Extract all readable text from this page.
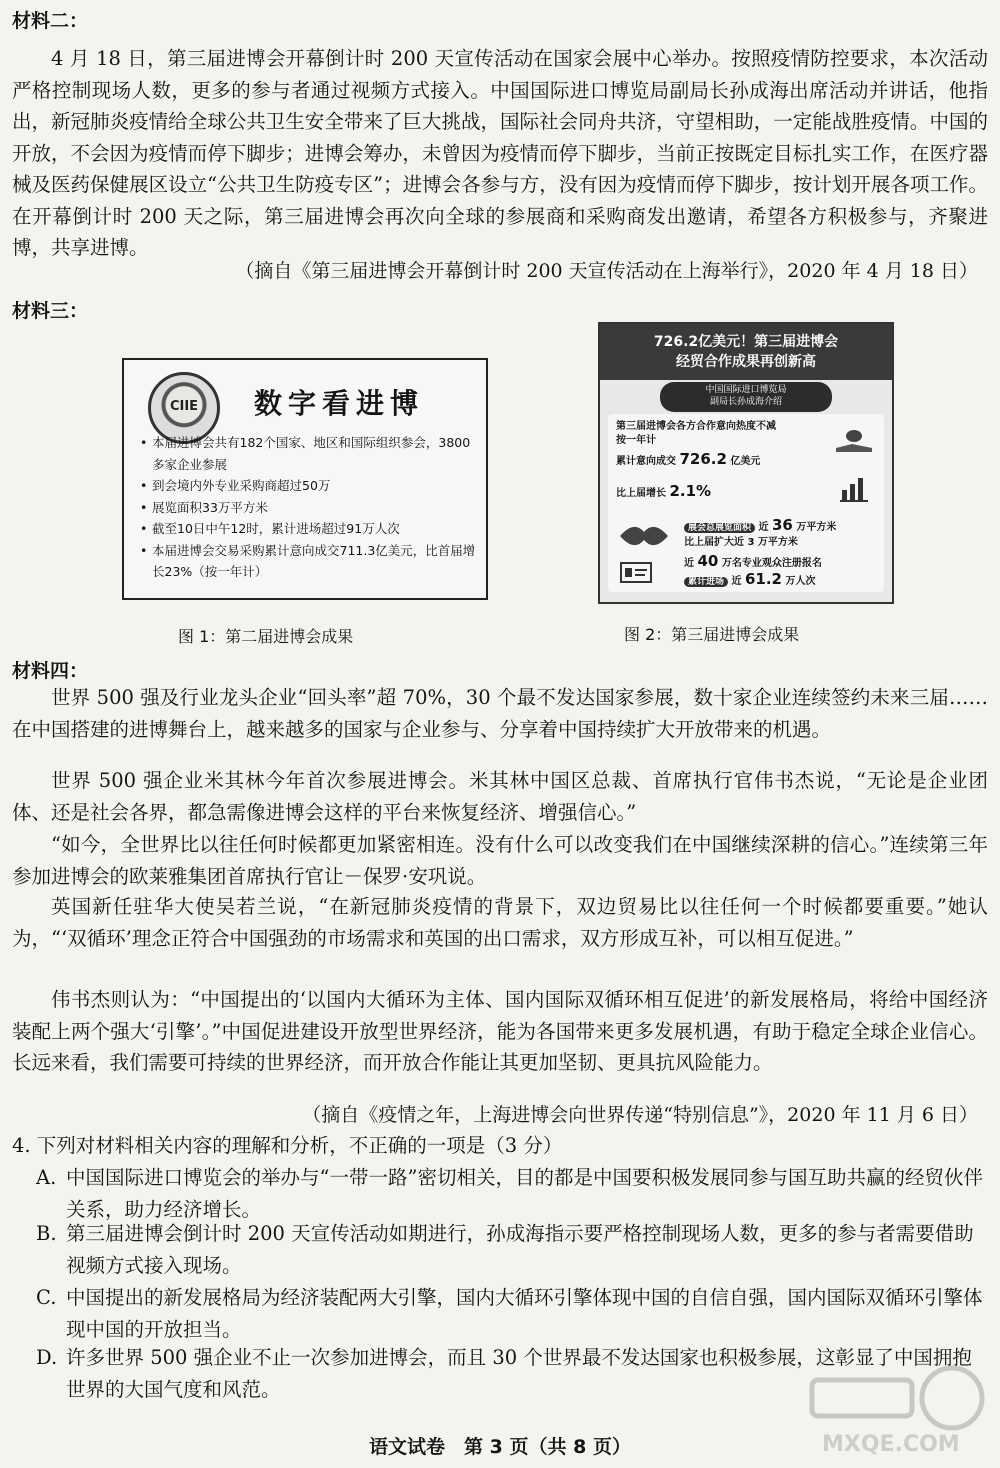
材料二：
4 月 18 日，第三届进博会开幕倒计时 200 天宣传活动在国家会展中心举办。按照疫情防控要求，本次活动严格控制现场人数，更多的参与者通过视频方式接入。中国国际进口博览局副局长孙成海出席活动并讲话，他指出，新冠肺炎疫情给全球公共卫生安全带来了巨大挑战，国际社会同舟共济，守望相助，一定能战胜疫情。中国的开放，不会因为疫情而停下脚步；进博会筹办，未曾因为疫情而停下脚步，当前正按既定目标扎实工作，在医疗器械及医药保健展区设立“公共卫生防疫专区”；进博会各参与方，没有因为疫情而停下脚步，按计划开展各项工作。在开幕倒计时 200 天之际，第三届进博会再次向全球的参展商和采购商发出邀请，希望各方积极参与，齐聚进博，共享进博。
（摘自《第三届进博会开幕倒计时 200 天宣传活动在上海举行》，2020 年 4 月 18 日）
材料三：
CIIE	数字看进博
• 本届进博会共有182个国家、地区和国际组织参会，3800多家企业参展
• 到会境内外专业采购商超过50万
• 展览面积33万平方米
• 截至10日中午12时，累计进场超过91万人次
• 本届进博会交易采购累计意向成交711.3亿美元，比首届增长23%（按一年计）
图 1：第二届进博会成果
726.2亿美元！第三届进博会
经贸合作成果再创新高
中国国际进口博览局
副局长孙成海介绍
第三届进博会各方合作意向热度不减
按一年计
累计意向成交 726.2 亿美元
比上届增长 2.1%
展会总展览面积 近 36 万平方米
比上届扩大近 3 万平方米
近 40 万名专业观众注册报名
累计进场 近 61.2 万人次
图 2：第三届进博会成果
材料四：
世界 500 强及行业龙头企业“回头率”超 70%，30 个最不发达国家参展，数十家企业连续签约未来三届……在中国搭建的进博舞台上，越来越多的国家与企业参与、分享着中国持续扩大开放带来的机遇。
世界 500 强企业米其林今年首次参展进博会。米其林中国区总裁、首席执行官伟书杰说，“无论是企业团体、还是社会各界，都急需像进博会这样的平台来恢复经济、增强信心。”
“如今，全世界比以往任何时候都更加紧密相连。没有什么可以改变我们在中国继续深耕的信心。”连续第三年参加进博会的欧莱雅集团首席执行官让－保罗·安巩说。
英国新任驻华大使吴若兰说，“在新冠肺炎疫情的背景下，双边贸易比以往任何一个时候都要重要。”她认为，“‘双循环’理念正符合中国强劲的市场需求和英国的出口需求，双方形成互补，可以相互促进。”
伟书杰则认为：“中国提出的‘以国内大循环为主体、国内国际双循环相互促进’的新发展格局，将给中国经济装配上两个强大‘引擎’。”中国促进建设开放型世界经济，能为各国带来更多发展机遇，有助于稳定全球企业信心。长远来看，我们需要可持续的世界经济，而开放合作能让其更加坚韧、更具抗风险能力。
（摘自《疫情之年，上海进博会向世界传递“特别信息”》，2020 年 11 月 6 日）
4. 下列对材料相关内容的理解和分析，不正确的一项是（3 分）
A. 中国国际进口博览会的举办与“一带一路”密切相关，目的都是中国要积极发展同参与国互助共赢的经贸伙伴关系，助力经济增长。
B. 第三届进博会倒计时 200 天宣传活动如期进行，孙成海指示要严格控制现场人数，更多的参与者需要借助视频方式接入现场。
C. 中国提出的新发展格局为经济装配两大引擎，国内大循环引擎体现中国的自信自强，国内国际双循环引擎体现中国的开放担当。
D. 许多世界 500 强企业不止一次参加进博会，而且 30 个世界最不发达国家也积极参展，这彰显了中国拥抱世界的大国气度和风范。
语文试卷　第 3 页（共 8 页）	MXQE.COM
